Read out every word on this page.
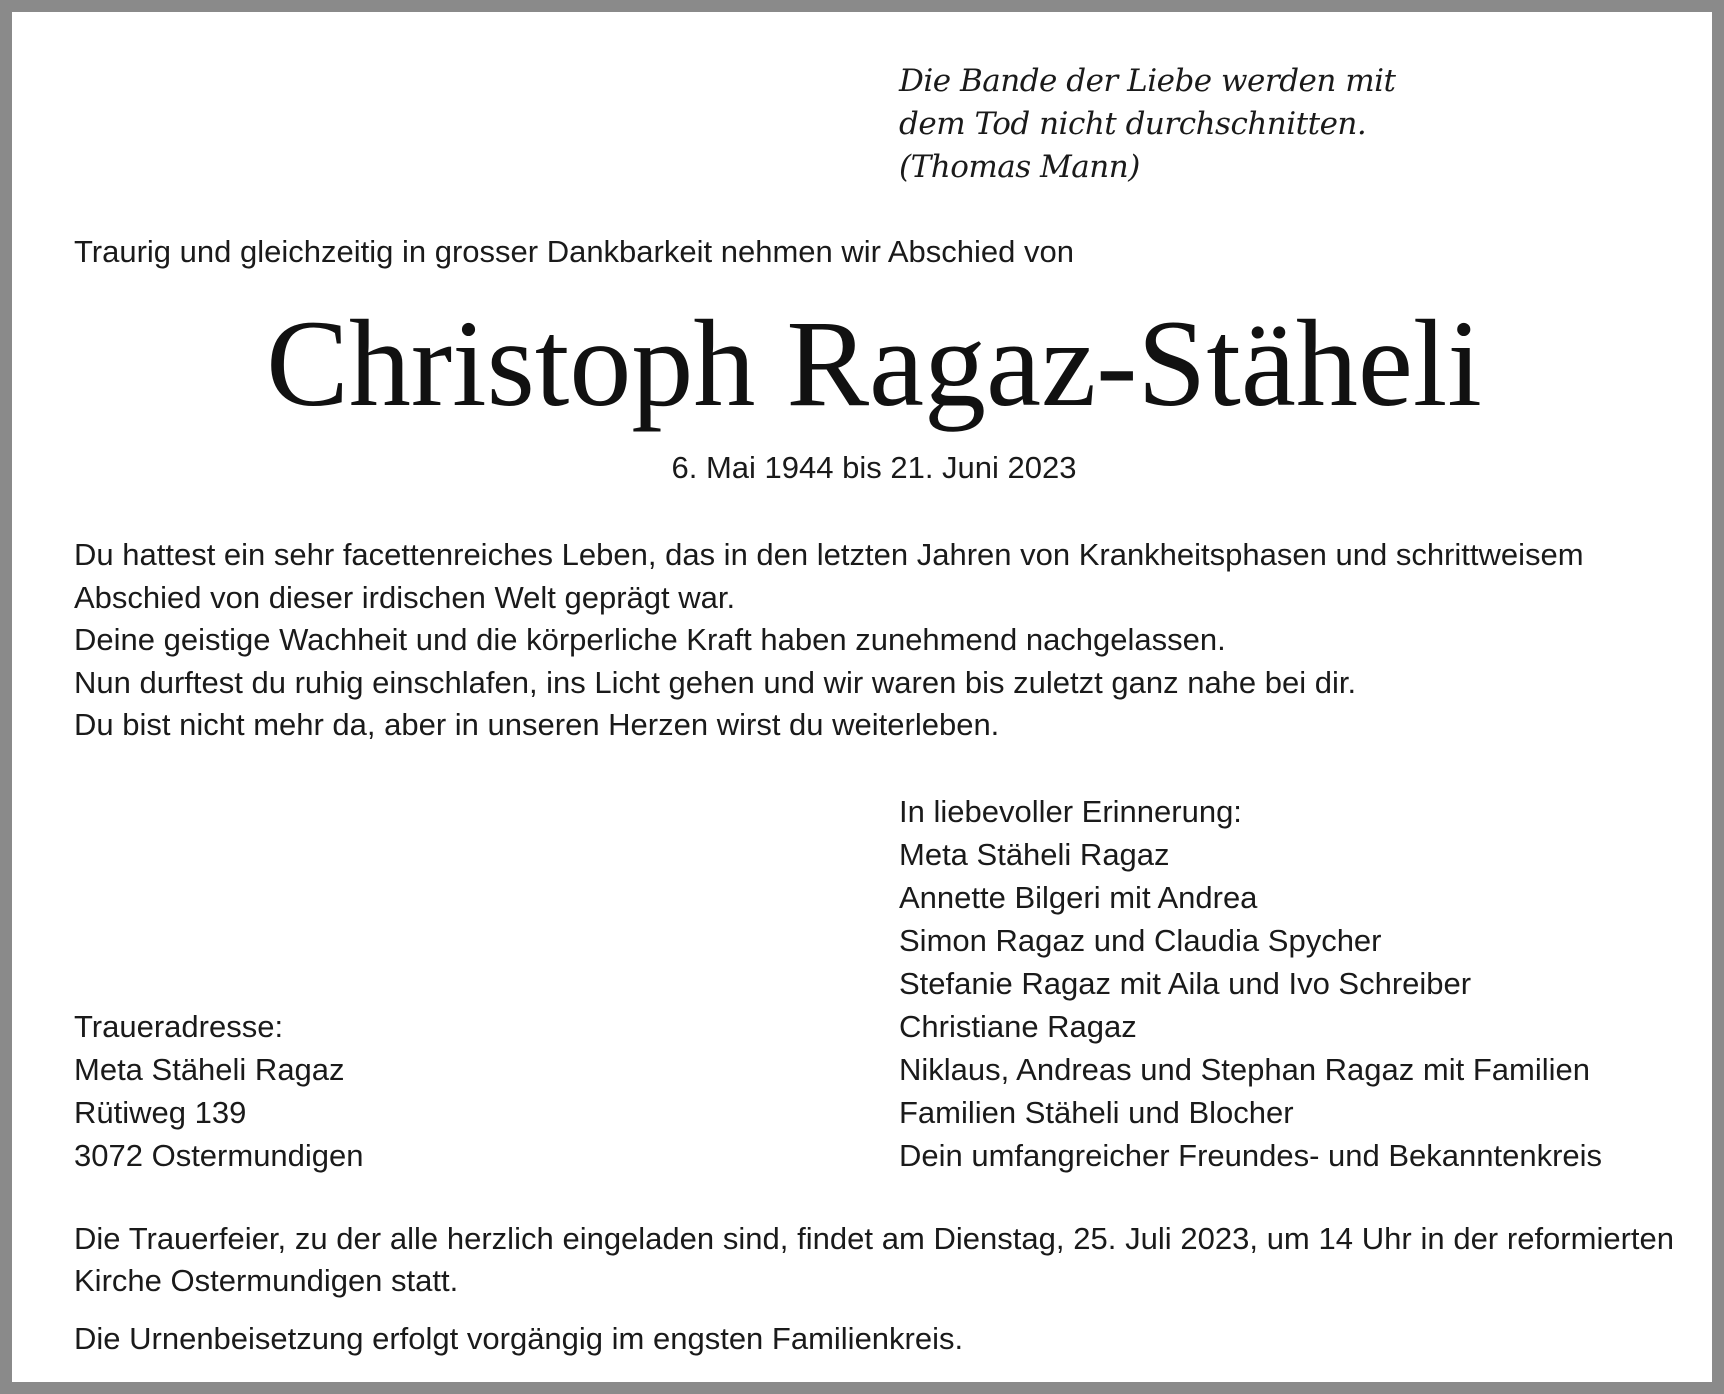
Die Bande der Liebe werden mit
dem Tod nicht durchschnitten.
(Thomas Mann)
Traurig und gleichzeitig in grosser Dankbarkeit nehmen wir Abschied von
Christoph Ragaz-Stäheli
6. Mai 1944 bis 21. Juni 2023
Du hattest ein sehr facettenreiches Leben, das in den letzten Jahren von Krankheitsphasen und schrittweisem
Abschied von dieser irdischen Welt geprägt war.
Deine geistige Wachheit und die körperliche Kraft haben zunehmend nachgelassen.
Nun durftest du ruhig einschlafen, ins Licht gehen und wir waren bis zuletzt ganz nahe bei dir.
Du bist nicht mehr da, aber in unseren Herzen wirst du weiterleben.
In liebevoller Erinnerung:
Meta Stäheli Ragaz
Annette Bilgeri mit Andrea
Simon Ragaz und Claudia Spycher
Stefanie Ragaz mit Aila und Ivo Schreiber
Christiane Ragaz
Niklaus, Andreas und Stephan Ragaz mit Familien
Familien Stäheli und Blocher
Dein umfangreicher Freundes- und Bekanntenkreis
Traueradresse:
Meta Stäheli Ragaz
Rütiweg 139
3072 Ostermundigen
Die Trauerfeier, zu der alle herzlich eingeladen sind, findet am Dienstag, 25. Juli 2023, um 14 Uhr in der reformierten Kirche Ostermundigen statt.
Die Urnenbeisetzung erfolgt vorgängig im engsten Familienkreis.
